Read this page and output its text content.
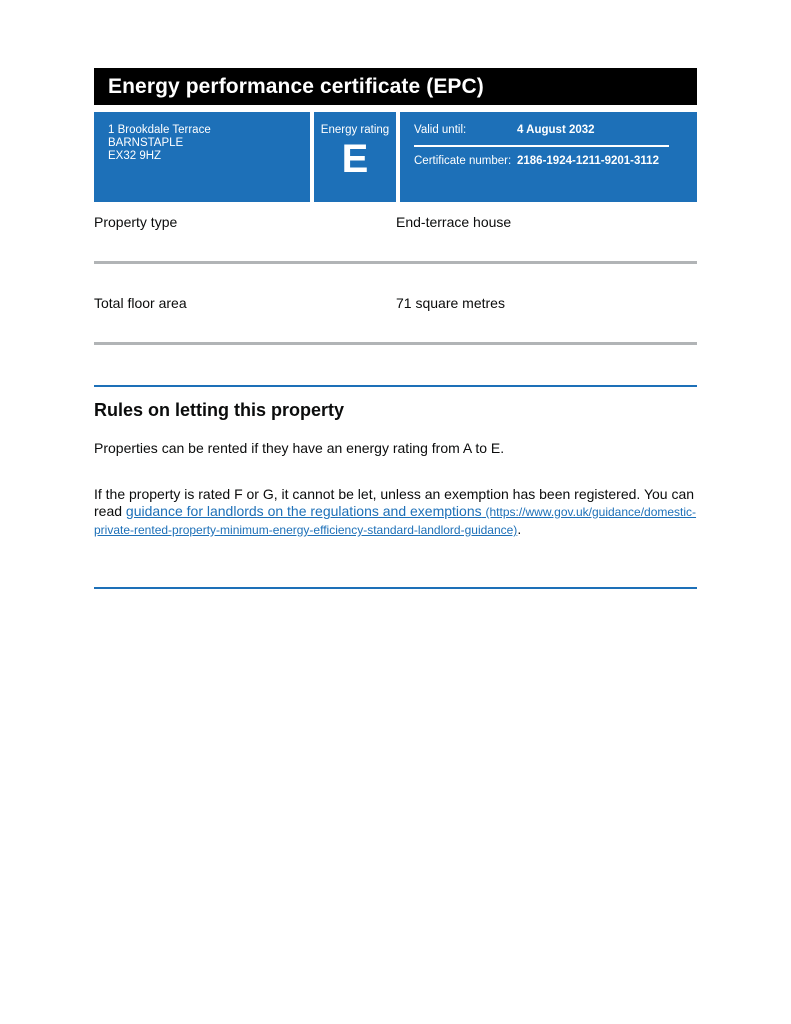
Energy performance certificate (EPC)
1 Brookdale Terrace
BARNSTAPLE
EX32 9HZ
Energy rating
E
Valid until:	4 August 2032
Certificate number: 2186-1924-1211-9201-3112
Property type	End-terrace house
Total floor area	71 square metres
Rules on letting this property
Properties can be rented if they have an energy rating from A to E.
If the property is rated F or G, it cannot be let, unless an exemption has been registered. You can read guidance for landlords on the regulations and exemptions (https://www.gov.uk/guidance/domestic-private-rented-property-minimum-energy-efficiency-standard-landlord-guidance).
